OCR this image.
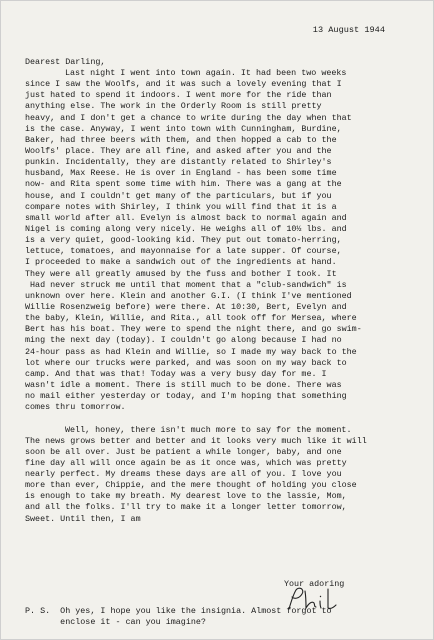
13 August 1944
Dearest Darling,
Last night I went into town again. It had been two weeks
since I saw the Woolfs, and it was such a lovely evening that I
just hated to spend it indoors. I went more for the ride than
anything else. The work in the Orderly Room is still pretty
heavy, and I don't get a chance to write during the day when that
is the case. Anyway, I went into town with Cunningham, Burdine,
Baker, had three beers with them, and then hopped a cab to the
Woolfs' place. They are all fine, and asked after you and the
punkin. Incidentally, they are distantly related to Shirley's
husband, Max Reese. He is over in England - has been some time
now- and Rita spent some time with him. There was a gang at the
house, and I couldn't get many of the particulars, but if you
compare notes with Shirley, I think you will find that it is a
small world after all. Evelyn is almost back to normal again and
Nigel is coming along very nicely. He weighs all of 10½ lbs. and
is a very quiet, good-looking kid. They put out tomato-herring,
lettuce, tomatoes, and mayonnaise for a late supper. Of course,
I proceeded to make a sandwich out of the ingredients at hand.
They were all greatly amused by the fuss and bother I took. It
Had never struck me until that moment that a "club-sandwich" is
unknown over here. Klein and another G.I. (I think I've mentioned
Willie Rosenzweig before) were there. At 10:30, Bert, Evelyn and
the baby, Klein, Willie, and Rita., all took off for Mersea, where
Bert has his boat. They were to spend the night there, and go swim-
ming the next day (today). I couldn't go along because I had no
24-hour pass as had Klein and Willie, so I made my way back to the
lot where our trucks were parked, and was soon on my way back to
camp. And that was that! Today was a very busy day for me. I
wasn't idle a moment. There is still much to be done. There was
no mail either yesterday or today, and I'm hoping that something
comes thru tomorrow.
Well, honey, there isn't much more to say for the moment.
The news grows better and better and it looks very much like it will
soon be all over. Just be patient a while longer, baby, and one
fine day all will once again be as it once was, which was pretty
nearly perfect. My dreams these days are all of you. I love you
more than ever, Chippie, and the mere thought of holding you close
is enough to take my breath. My dearest love to the lassie, Mom,
and all the folks. I'll try to make it a longer letter tomorrow,
Sweet. Until then, I am
Your adoring
P. S.  Oh yes, I hope you like the insignia. Almost forgot to
enclose it - can you imagine?
